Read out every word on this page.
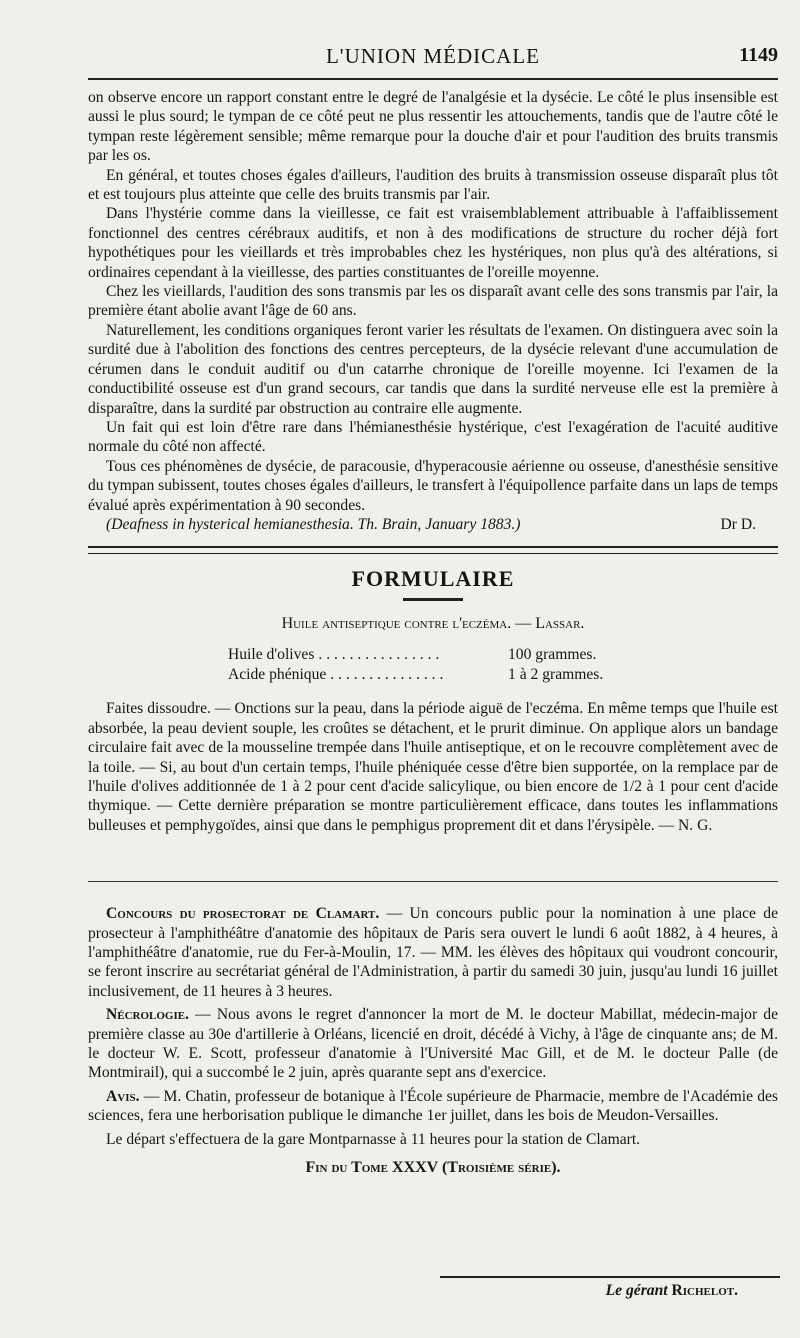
L'UNION MÉDICALE	1149

on observe encore un rapport constant entre le degré de l'analgésie et la dysécie. Le côté le plus insensible est aussi le plus sourd; le tympan de ce côté peut ne plus ressentir les attouchements, tandis que de l'autre côté le tympan reste légèrement sensible; même remarque pour la douche d'air et pour l'audition des bruits transmis par les os.

En général, et toutes choses égales d'ailleurs, l'audition des bruits à transmission osseuse disparaît plus tôt et est toujours plus atteinte que celle des bruits transmis par l'air.

Dans l'hystérie comme dans la vieillesse, ce fait est vraisemblablement attribuable à l'affaiblissement fonctionnel des centres cérébraux auditifs, et non à des modifications de structure du rocher déjà fort hypothétiques pour les vieillards et très improbables chez les hystériques, non plus qu'à des altérations, si ordinaires cependant à la vieillesse, des parties constituantes de l'oreille moyenne.

Chez les vieillards, l'audition des sons transmis par les os disparaît avant celle des sons transmis par l'air, la première étant abolie avant l'âge de 60 ans.

Naturellement, les conditions organiques feront varier les résultats de l'examen. On distinguera avec soin la surdité due à l'abolition des fonctions des centres percepteurs, de la dysécie relevant d'une accumulation de cérumen dans le conduit auditif ou d'un catarrhe chronique de l'oreille moyenne. Ici l'examen de la conductibilité osseuse est d'un grand secours, car tandis que dans la surdité nerveuse elle est la première à disparaître, dans la surdité par obstruction au contraire elle augmente.

Un fait qui est loin d'être rare dans l'hémianesthésie hystérique, c'est l'exagération de l'acuité auditive normale du côté non affecté.

Tous ces phénomènes de dysécie, de paracousie, d'hyperacousie aérienne ou osseuse, d'anesthésie sensitive du tympan subissent, toutes choses égales d'ailleurs, le transfert à l'équipollence parfaite dans un laps de temps évalué après expérimentation à 90 secondes.

(Deafness in hysterical hemianesthesia. Th. Brain, January 1883.)	Dr D.
FORMULAIRE
Huile antiseptique contre l'eczéma. — Lassar.
Huile d'olives . . . . . . . . . . . . . . . .	100 grammes.
Acide phénique . . . . . . . . . . . . . . .	1 à 2 grammes.

Faites dissoudre. — Onctions sur la peau, dans la période aiguë de l'eczéma. En même temps que l'huile est absorbée, la peau devient souple, les croûtes se détachent, et le prurit diminue. On applique alors un bandage circulaire fait avec de la mousseline trempée dans l'huile antiseptique, et on le recouvre complètement avec de la toile. — Si, au bout d'un certain temps, l'huile phéniquée cesse d'être bien supportée, on la remplace par de l'huile d'olives additionnée de 1 à 2 pour cent d'acide salicylique, ou bien encore de 1/2 à 1 pour cent d'acide thymique. — Cette dernière préparation se montre particulièrement efficace, dans toutes les inflammations bulleuses et pemphygoïdes, ainsi que dans le pemphigus proprement dit et dans l'érysipèle. — N. G.

Concours du prosectorat de Clamart. — Un concours public pour la nomination à une place de prosecteur à l'amphithéâtre d'anatomie des hôpitaux de Paris sera ouvert le lundi 6 août 1882, à 4 heures, à l'amphithéâtre d'anatomie, rue du Fer-à-Moulin, 17. — MM. les élèves des hôpitaux qui voudront concourir, se feront inscrire au secrétariat général de l'Administration, à partir du samedi 30 juin, jusqu'au lundi 16 juillet inclusivement, de 11 heures à 3 heures.

Nécrologie. — Nous avons le regret d'annoncer la mort de M. le docteur Mabillat, médecin-major de première classe au 30e d'artillerie à Orléans, licencié en droit, décédé à Vichy, à l'âge de cinquante ans; de M. le docteur W. E. Scott, professeur d'anatomie à l'Université Mac Gill, et de M. le docteur Palle (de Montmirail), qui a succombé le 2 juin, après quarante sept ans d'exercice.

Avis. — M. Chatin, professeur de botanique à l'École supérieure de Pharmacie, membre de l'Académie des sciences, fera une herborisation publique le dimanche 1er juillet, dans les bois de Meudon-Versailles.

Le départ s'effectuera de la gare Montparnasse à 11 heures pour la station de Clamart.

Fin du Tome XXXV (Troisième série).
Le gérant Richelot.
